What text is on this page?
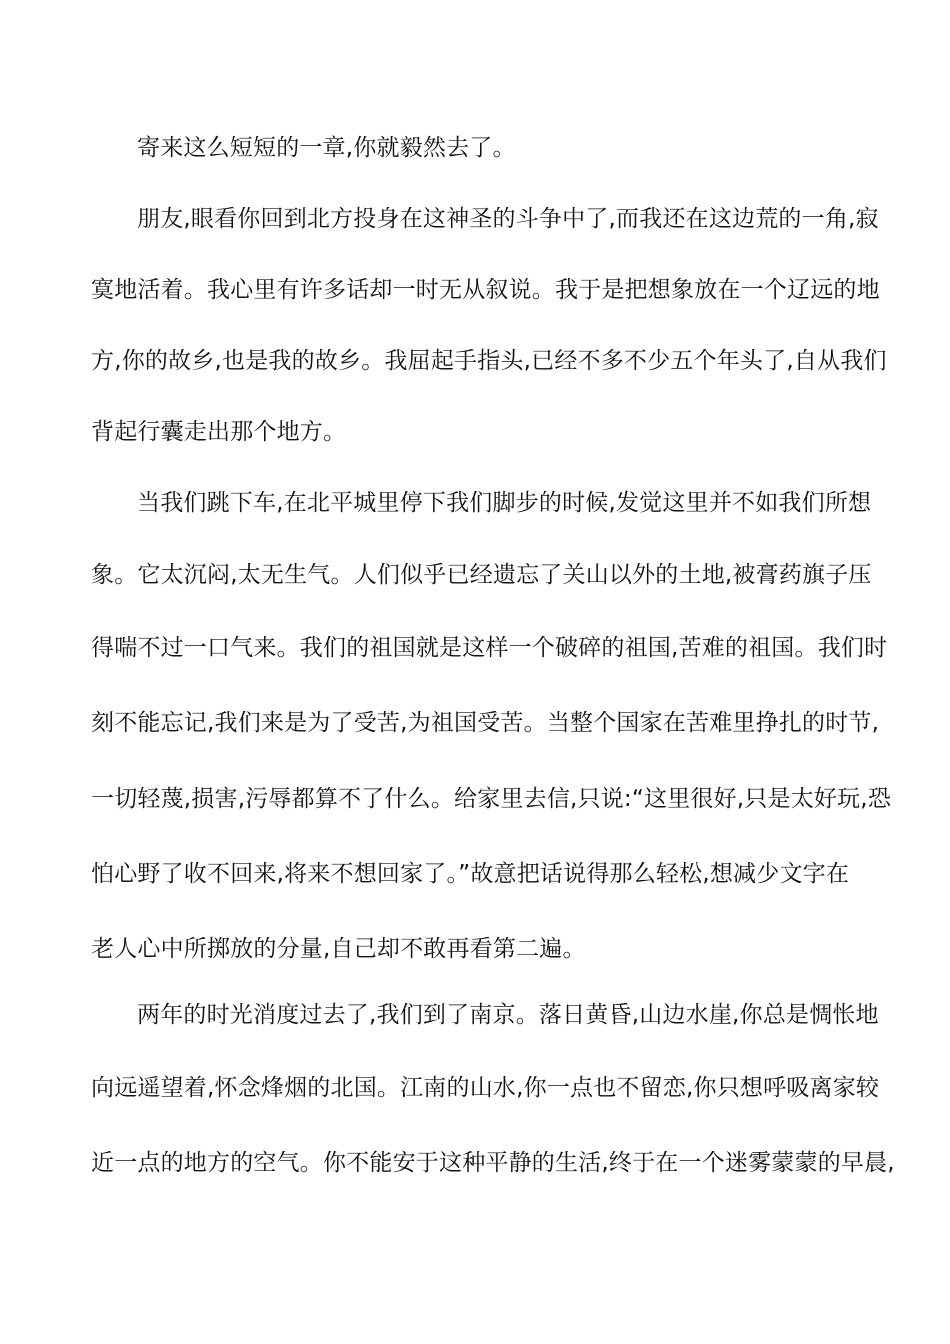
寄来这么短短的一章,你就毅然去了。
朋友,眼看你回到北方投身在这神圣的斗争中了,而我还在这边荒的一角,寂
寞地活着。我心里有许多话却一时无从叙说。我于是把想象放在一个辽远的地
方,你的故乡,也是我的故乡。我屈起手指头,已经不多不少五个年头了,自从我们
背起行囊走出那个地方。
当我们跳下车,在北平城里停下我们脚步的时候,发觉这里并不如我们所想
象。它太沉闷,太无生气。人们似乎已经遗忘了关山以外的土地,被膏药旗子压
得喘不过一口气来。我们的祖国就是这样一个破碎的祖国,苦难的祖国。我们时
刻不能忘记,我们来是为了受苦,为祖国受苦。当整个国家在苦难里挣扎的时节,
一切轻蔑,损害,污辱都算不了什么。给家里去信,只说:“这里很好,只是太好玩,恐
怕心野了收不回来,将来不想回家了。”故意把话说得那么轻松,想减少文字在
老人心中所掷放的分量,自己却不敢再看第二遍。
两年的时光消度过去了,我们到了南京。落日黄昏,山边水崖,你总是惆怅地
向远遥望着,怀念烽烟的北国。江南的山水,你一点也不留恋,你只想呼吸离家较
近一点的地方的空气。你不能安于这种平静的生活,终于在一个迷雾蒙蒙的早晨,
